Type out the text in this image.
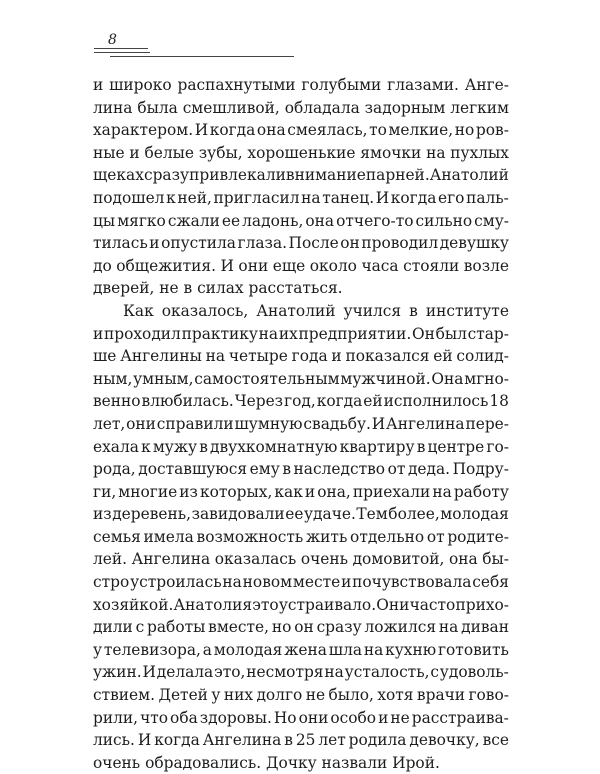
8
и широко распахнутыми голубыми глазами. Анге-
лина была смешливой, обладала задорным легким
характером. И когда она смеялась, то мелкие, но ров-
ные и белые зубы, хорошенькие ямочки на пухлых
щеках сразу привлекали внимание парней. Анатолий
подошел к ней, пригласил на танец. И когда его паль-
цы мягко сжали ее ладонь, она отчего-то сильно сму-
тилась и опустила глаза. После он проводил девушку
до общежития. И они еще около часа стояли возле
дверей, не в силах расстаться.
Как оказалось, Анатолий учился в институте
и проходил практику на их предприятии. Он был стар-
ше Ангелины на четыре года и показался ей солид-
ным, умным, самостоятельным мужчиной. Она мгно-
венно влюбилась. Через год, когда ей исполнилось 18
лет, они справили шумную свадьбу. И Ангелина пере-
ехала к мужу в двухкомнатную квартиру в центре го-
рода, доставшуюся ему в наследство от деда. Подру-
ги, многие из которых, как и она, приехали на работу
из деревень, завидовали ее удаче. Тем более, молодая
семья имела возможность жить отдельно от родите-
лей. Ангелина оказалась очень домовитой, она бы-
стро устроилась на новом месте и почувствовала себя
хозяйкой. Анатолия это устраивало. Они часто прихо-
дили с работы вместе, но он сразу ложился на диван
у телевизора, а молодая жена шла на кухню готовить
ужин. И делала это, несмотря на усталость, с удоволь-
ствием. Детей у них долго не было, хотя врачи гово-
рили, что оба здоровы. Но они особо и не расстраива-
лись. И когда Ангелина в 25 лет родила девочку, все
очень обрадовались. Дочку назвали Ирой.
